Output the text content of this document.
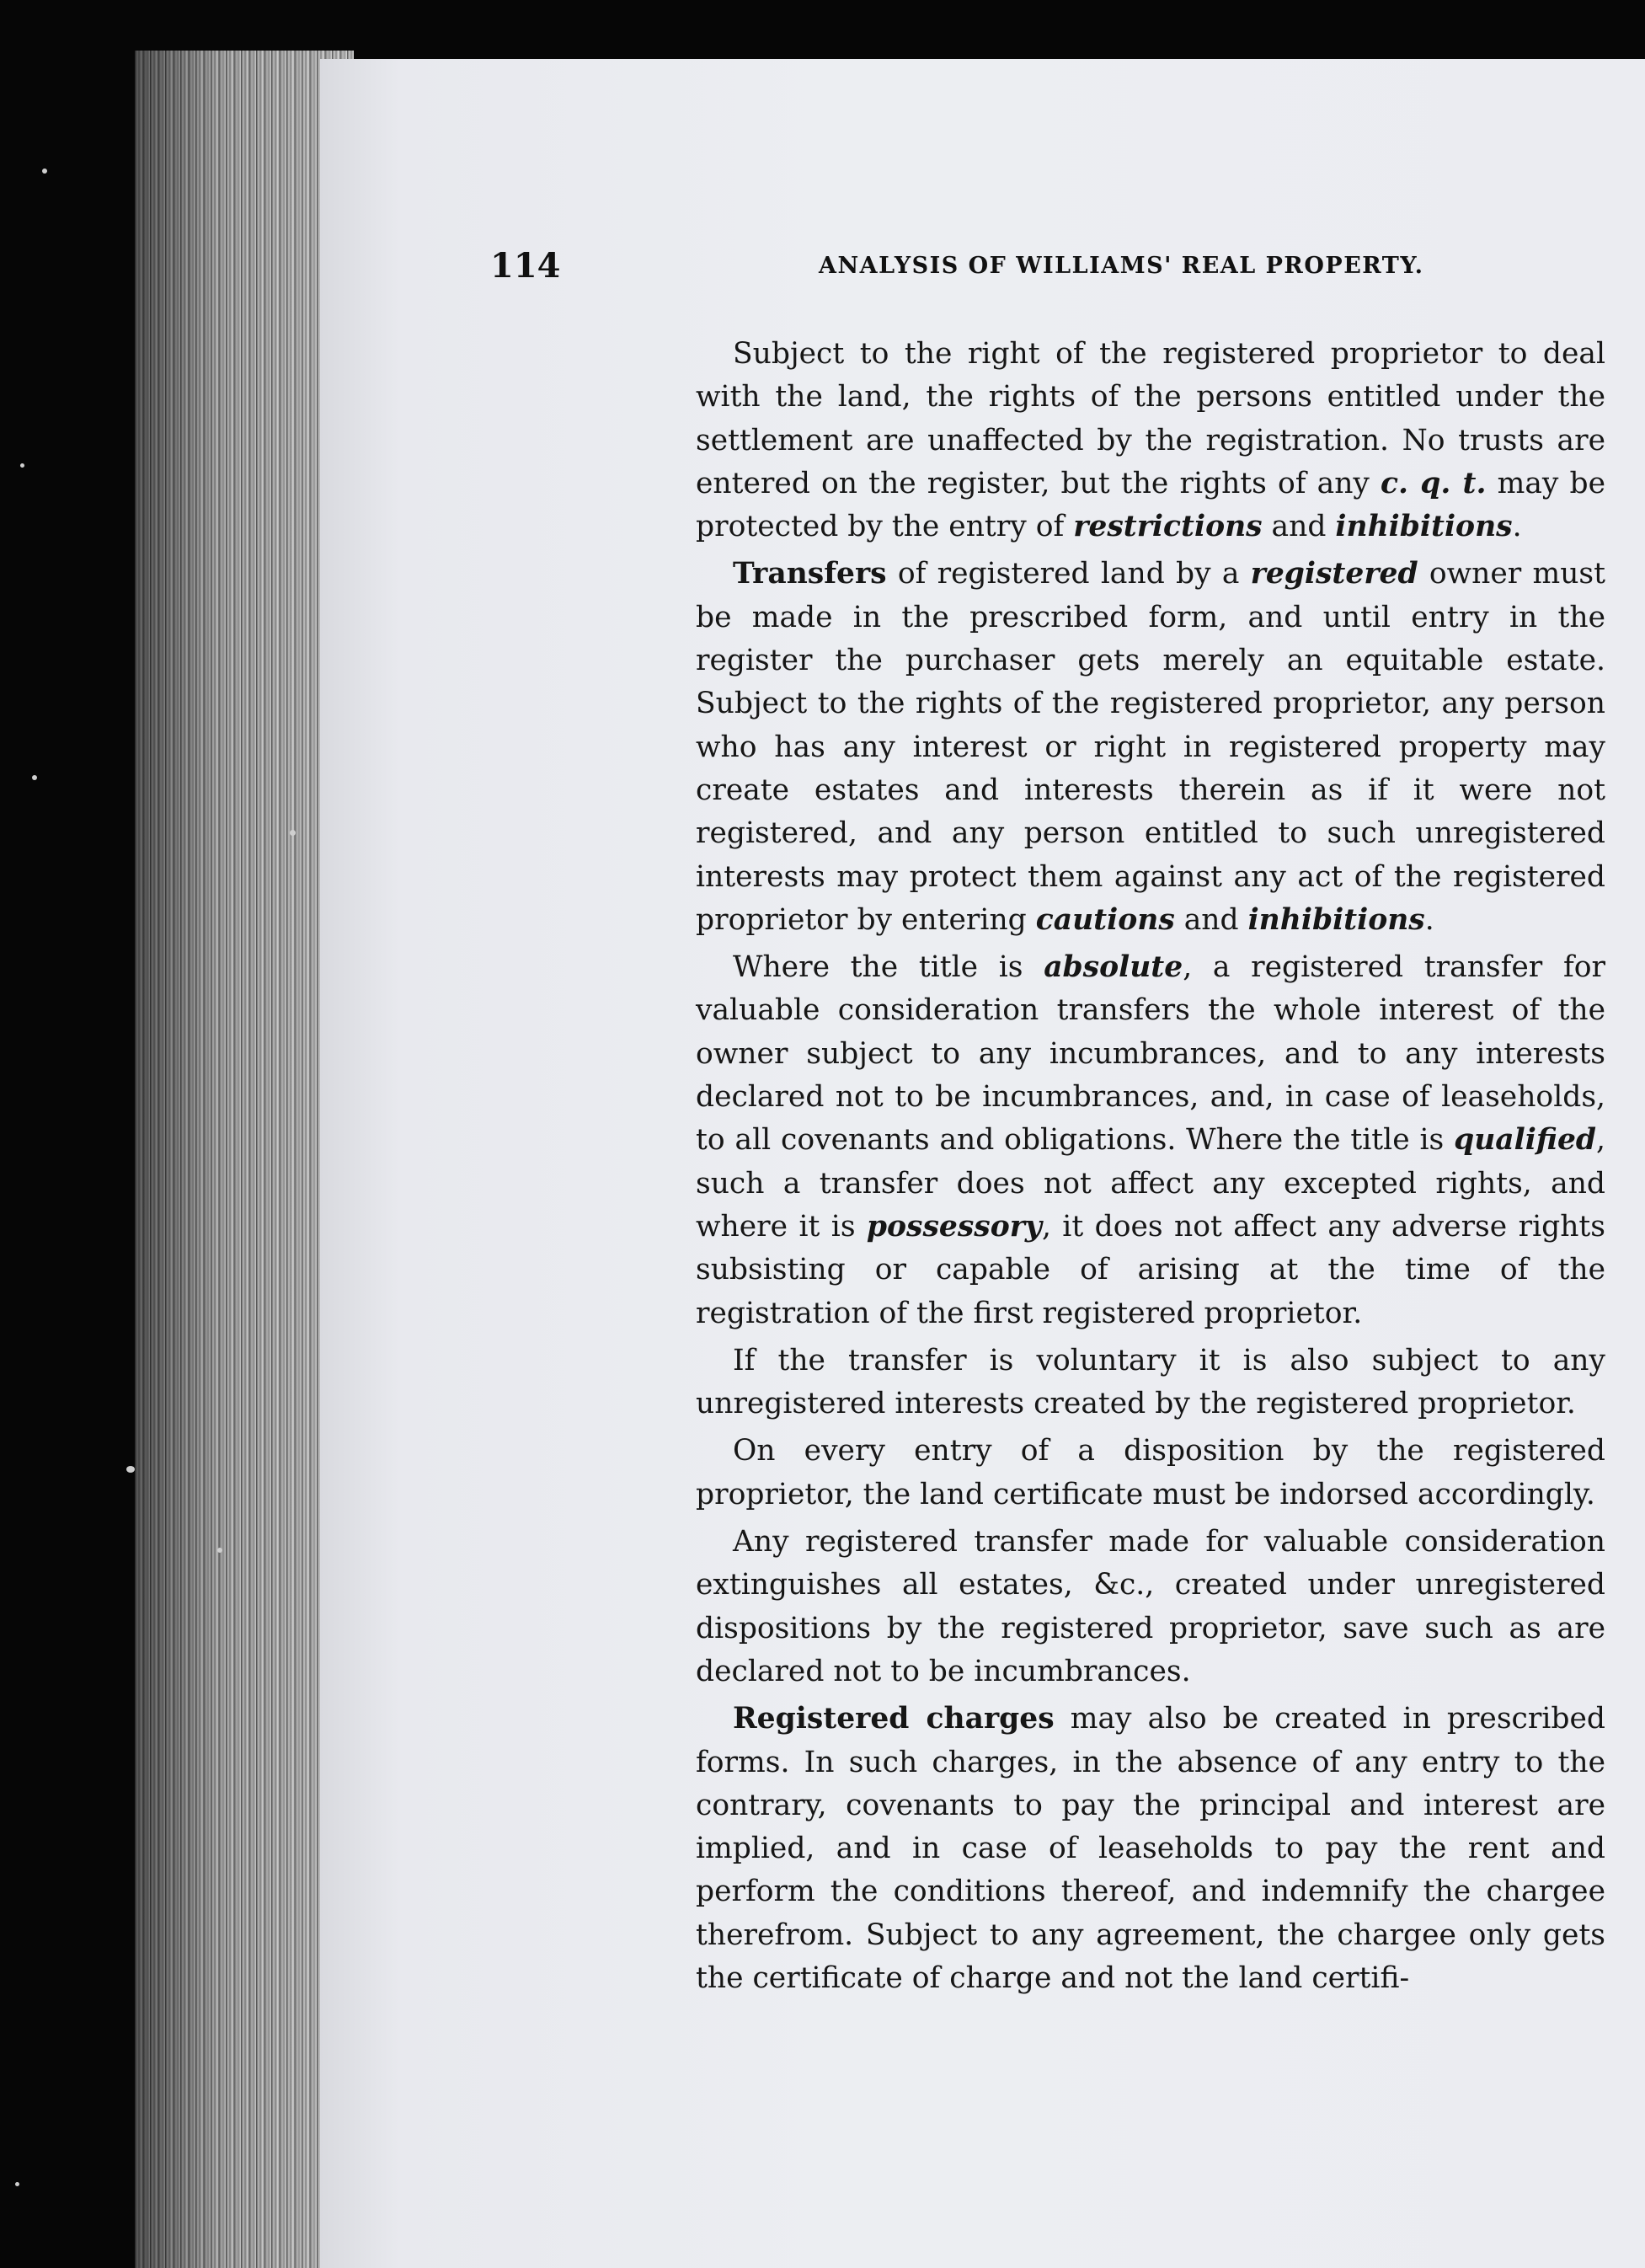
114	ANALYSIS OF WILLIAMS' REAL PROPERTY.

Subject to the right of the registered proprietor to deal with the land, the rights of the persons entitled under the settlement are unaffected by the registration. No trusts are entered on the register, but the rights of any c. q. t. may be protected by the entry of restrictions and inhibitions.

Transfers of registered land by a registered owner must be made in the prescribed form, and until entry in the register the purchaser gets merely an equitable estate. Subject to the rights of the registered proprietor, any person who has any interest or right in registered property may create estates and interests therein as if it were not registered, and any person entitled to such unregistered interests may protect them against any act of the registered proprietor by entering cautions and inhibitions.

Where the title is absolute, a registered transfer for valuable consideration transfers the whole interest of the owner subject to any incumbrances, and to any interests declared not to be incumbrances, and, in case of leaseholds, to all covenants and obligations. Where the title is qualified, such a transfer does not affect any excepted rights, and where it is possessory, it does not affect any adverse rights subsisting or capable of arising at the time of the registration of the first registered proprietor.

If the transfer is voluntary it is also subject to any unregistered interests created by the registered proprietor.

On every entry of a disposition by the registered proprietor, the land certificate must be indorsed accordingly.

Any registered transfer made for valuable consideration extinguishes all estates, &c., created under unregistered dispositions by the registered proprietor, save such as are declared not to be incumbrances.

Registered charges may also be created in prescribed forms. In such charges, in the absence of any entry to the contrary, covenants to pay the principal and interest are implied, and in case of leaseholds to pay the rent and perform the conditions thereof, and indemnify the chargee therefrom. Subject to any agreement, the chargee only gets the certificate of charge and not the land certifi-
